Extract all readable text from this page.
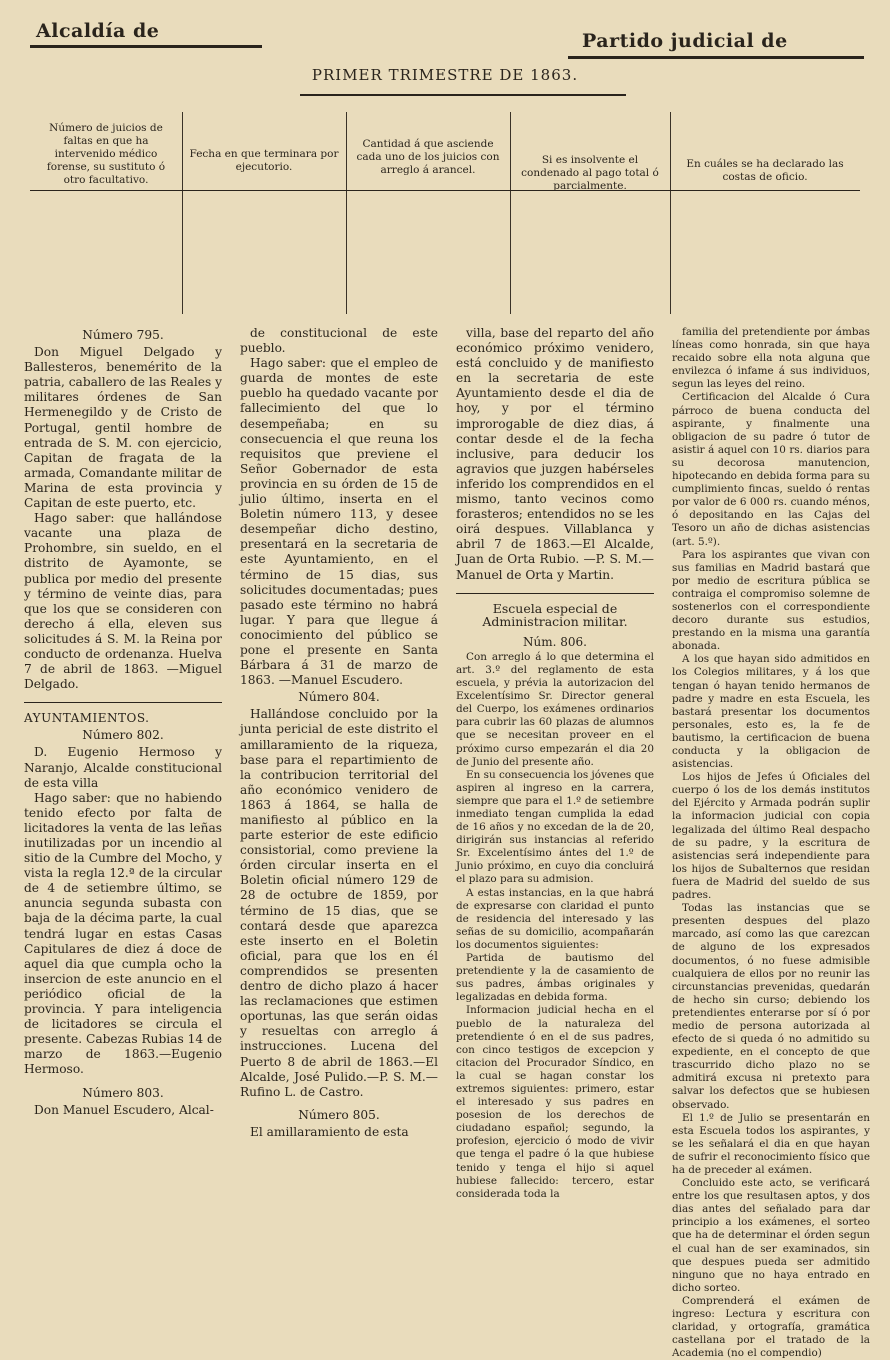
Alcaldía de	Partido judicial de
PRIMER TRIMESTRE DE 1863.
Número de juicios de faltas en que ha intervenido médico forense, su sustituto ó otro facultativo.
Fecha en que terminara por ejecutorio.
Cantidad á que asciende cada uno de los juicios con arreglo á arancel.
Si es insolvente el condenado al pago total ó parcialmente.
En cuáles se ha declarado las costas de oficio.

Número 795.

Don Miguel Delgado y Ballesteros, benemérito de la patria, caballero de las Reales y militares órdenes de San Hermenegildo y de Cristo de Portugal, gentil hombre de entrada de S. M. con ejercicio, Capitan de fragata de la armada, Comandante militar de Marina de esta provincia y Capitan de este puerto, etc.

Hago saber: que hallándose vacante una plaza de Prohombre, sin sueldo, en el distrito de Ayamonte, se publica por medio del presente y término de veinte dias, para que los que se consideren con derecho á ella, eleven sus solicitudes á S. M. la Reina por conducto de ordenanza. Huelva 7 de abril de 1863. —Miguel Delgado.

AYUNTAMIENTOS.

Número 802.

D. Eugenio Hermoso y Naranjo, Alcalde constitucional de esta villa

Hago saber: que no habiendo tenido efecto por falta de licitadores la venta de las leñas inutilizadas por un incendio al sitio de la Cumbre del Mocho, y vista la regla 12.ª de la circular de 4 de setiembre último, se anuncia segunda subasta con baja de la décima parte, la cual tendrá lugar en estas Casas Capitulares de diez á doce de aquel dia que cumpla ocho la insercion de este anuncio en el periódico oficial de la provincia. Y para inteligencia de licitadores se circula el presente. Cabezas Rubias 14 de marzo de 1863.—Eugenio Hermoso.

Número 803.

Don Manuel Escudero, Alcal-

de constitucional de este pueblo.

Hago saber: que el empleo de guarda de montes de este pueblo ha quedado vacante por fallecimiento del que lo desempeñaba; en su consecuencia el que reuna los requisitos que previene el Señor Gobernador de esta provincia en su órden de 15 de julio último, inserta en el Boletin número 113, y desee desempeñar dicho destino, presentará en la secretaria de este Ayuntamiento, en el término de 15 dias, sus solicitudes documentadas; pues pasado este término no habrá lugar. Y para que llegue á conocimiento del público se pone el presente en Santa Bárbara á 31 de marzo de 1863. —Manuel Escudero.

Número 804.

Hallándose concluido por la junta pericial de este distrito el amillaramiento de la riqueza, base para el repartimiento de la contribucion territorial del año económico venidero de 1863 á 1864, se halla de manifiesto al público en la parte esterior de este edificio consistorial, como previene la órden circular inserta en el Boletin oficial número 129 de 28 de octubre de 1859, por término de 15 dias, que se contará desde que aparezca este inserto en el Boletin oficial, para que los en él comprendidos se presenten dentro de dicho plazo á hacer las reclamaciones que estimen oportunas, las que serán oidas y resueltas con arreglo á instrucciones. Lucena del Puerto 8 de abril de 1863.—El Alcalde, José Pulido.—P. S. M.—Rufino L. de Castro.

Número 805.

El amillaramiento de esta

villa, base del reparto del año económico próximo venidero, está concluido y de manifiesto en la secretaria de este Ayuntamiento desde el dia de hoy, y por el término improrogable de diez dias, á contar desde el de la fecha inclusive, para deducir los agravios que juzgen habérseles inferido los comprendidos en el mismo, tanto vecinos como forasteros; entendidos no se les oirá despues. Villablanca y abril 7 de 1863.—El Alcalde, Juan de Orta Rubio. —P. S. M.—Manuel de Orta y Martin.

Escuela especial de Administracion militar.

Núm. 806.

Con arreglo á lo que determina el art. 3.º del reglamento de esta escuela, y prévia la autorizacion del Excelentísimo Sr. Director general del Cuerpo, los exámenes ordinarios para cubrir las 60 plazas de alumnos que se necesitan proveer en el próximo curso empezarán el dia 20 de Junio del presente año.

En su consecuencia los jóvenes que aspiren al ingreso en la carrera, siempre que para el 1.º de setiembre inmediato tengan cumplida la edad de 16 años y no excedan de la de 20, dirigirán sus instancias al referido Sr. Excelentísimo ántes del 1.º de Junio próximo, en cuyo dia concluirá el plazo para su admision.

A estas instancias, en la que habrá de expresarse con claridad el punto de residencia del interesado y las señas de su domicilio, acompañarán los documentos siguientes:

Partida de bautismo del pretendiente y la de casamiento de sus padres, ámbas originales y legalizadas en debida forma.

Informacion judicial hecha en el pueblo de la naturaleza del pretendiente ó en el de sus padres, con cinco testigos de excepcion y citacion del Procurador Síndico, en la cual se hagan constar los extremos siguientes: primero, estar el interesado y sus padres en posesion de los derechos de ciudadano español; segundo, la profesion, ejercicio ó modo de vivir que tenga el padre ó la que hubiese tenido y tenga el hijo si aquel hubiese fallecido: tercero, estar considerada toda la

familia del pretendiente por ámbas líneas como honrada, sin que haya recaido sobre ella nota alguna que envilezca ó infame á sus individuos, segun las leyes del reino.

Certificacion del Alcalde ó Cura párroco de buena conducta del aspirante, y finalmente una obligacion de su padre ó tutor de asistir á aquel con 10 rs. diarios para su decorosa manutencion, hipotecando en debida forma para su cumplimiento fincas, sueldo ó rentas por valor de 6 000 rs. cuando ménos, ó depositando en las Cajas del Tesoro un año de dichas asistencias (art. 5.º).

Para los aspirantes que vivan con sus familias en Madrid bastará que por medio de escritura pública se contraiga el compromiso solemne de sostenerlos con el correspondiente decoro durante sus estudios, prestando en la misma una garantía abonada.

A los que hayan sido admitidos en los Colegios militares, y á los que tengan ó hayan tenido hermanos de padre y madre en esta Escuela, les bastará presentar los documentos personales, esto es, la fe de bautismo, la certificacion de buena conducta y la obligacion de asistencias.

Los hijos de Jefes ú Oficiales del cuerpo ó los de los demás institutos del Ejército y Armada podrán suplir la informacion judicial con copia legalizada del último Real despacho de su padre, y la escritura de asistencias será independiente para los hijos de Subalternos que residan fuera de Madrid del sueldo de sus padres.

Todas las instancias que se presenten despues del plazo marcado, así como las que carezcan de alguno de los expresados documentos, ó no fuese admisible cualquiera de ellos por no reunir las circunstancias prevenidas, quedarán de hecho sin curso; debiendo los pretendientes enterarse por sí ó por medio de persona autorizada al efecto de si queda ó no admitido su expediente, en el concepto de que trascurrido dicho plazo no se admitirá excusa ni pretexto para salvar los defectos que se hubiesen observado.

El 1.º de Julio se presentarán en esta Escuela todos los aspirantes, y se les señalará el dia en que hayan de sufrir el reconocimiento físico que ha de preceder al exámen.

Concluido este acto, se verificará entre los que resultasen aptos, y dos dias antes del señalado para dar principio a los exámenes, el sorteo que ha de determinar el órden segun el cual han de ser examinados, sin que despues pueda ser admitido ninguno que no haya entrado en dicho sorteo.

Comprenderá el exámen de ingreso: Lectura y escritura con claridad, y ortografía, gramática castellana por el tratado de la Academia (no el compendio)
